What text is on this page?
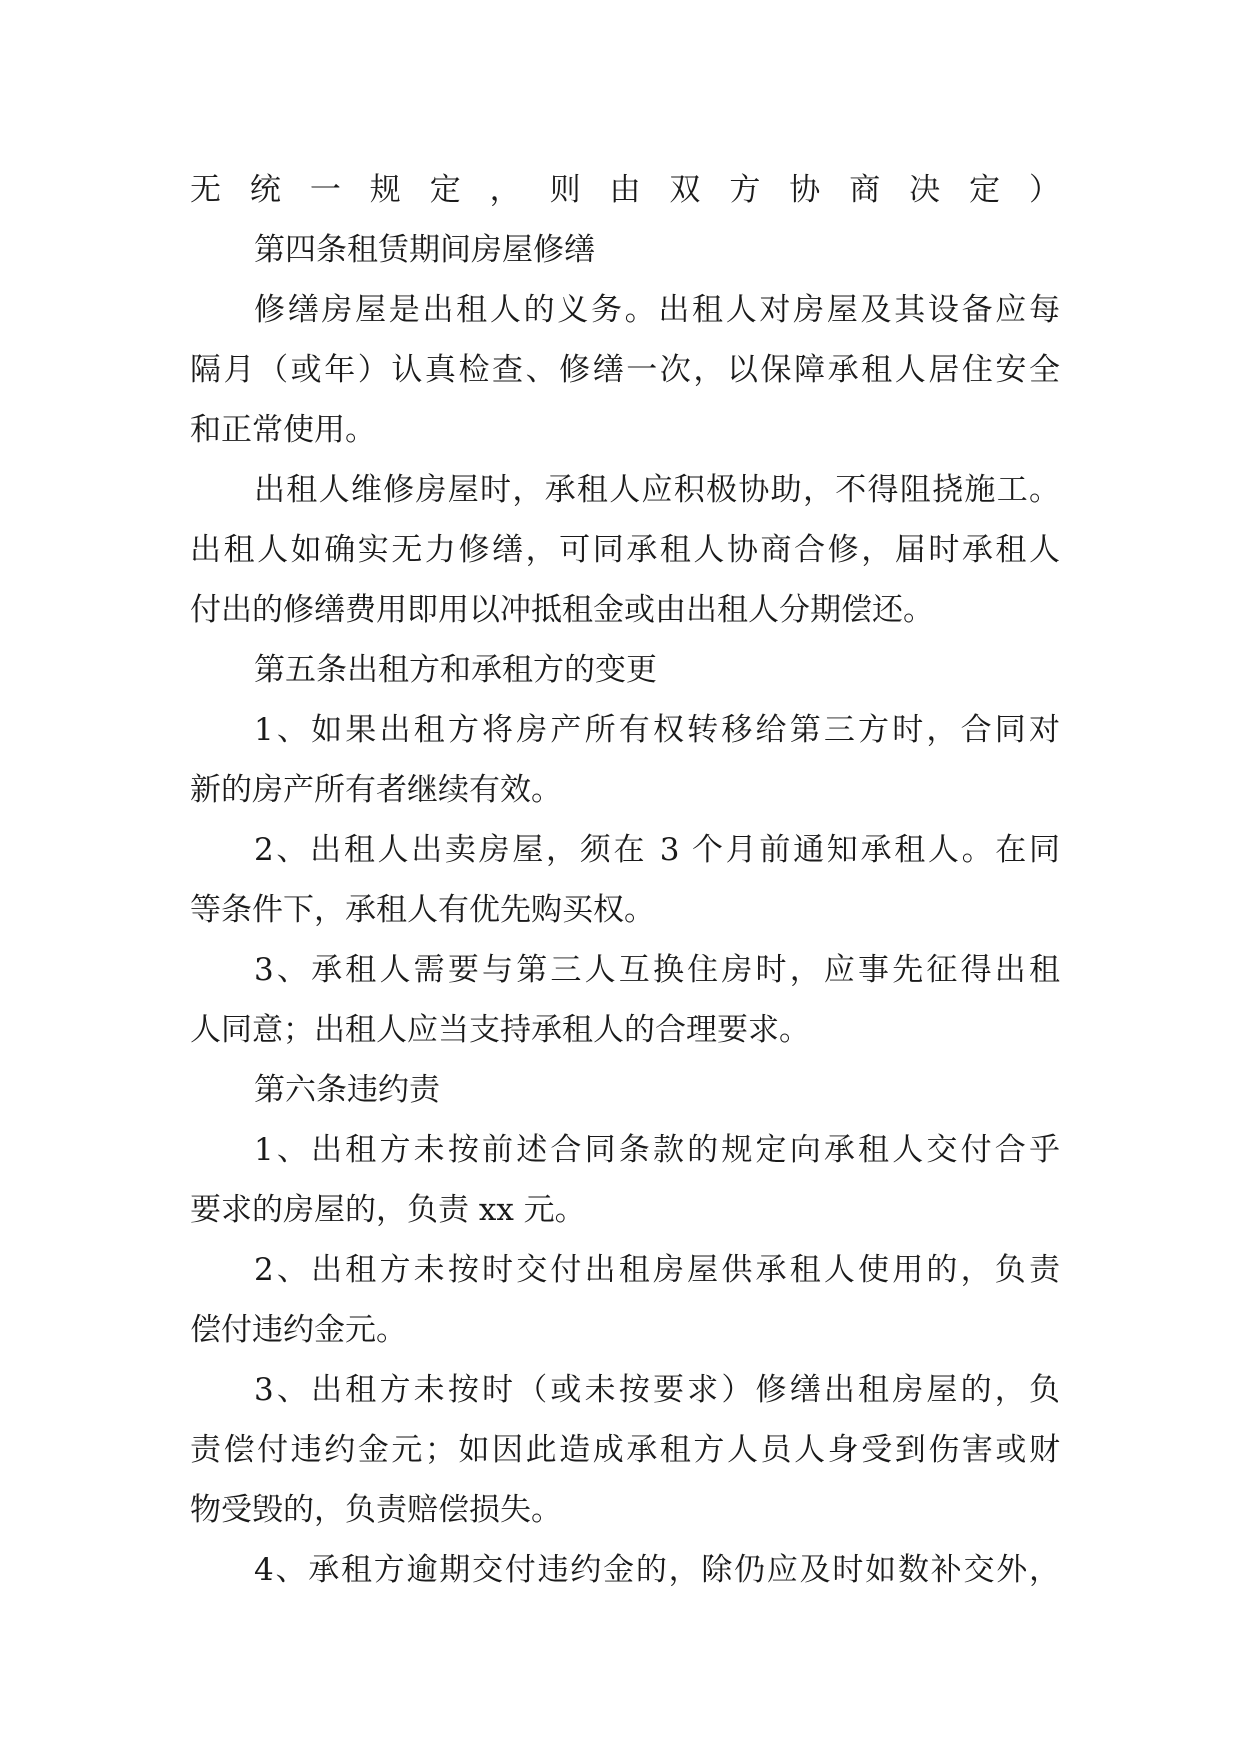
无统一规定，则由双方协商决定）
第四条租赁期间房屋修缮
修缮房屋是出租人的义务。出租人对房屋及其设备应每
隔月（或年）认真检查、修缮一次，以保障承租人居住安全
和正常使用。
出租人维修房屋时，承租人应积极协助，不得阻挠施工。
出租人如确实无力修缮，可同承租人协商合修，届时承租人
付出的修缮费用即用以冲抵租金或由出租人分期偿还。
第五条出租方和承租方的变更
1、如果出租方将房产所有权转移给第三方时，合同对
新的房产所有者继续有效。
2、出租人出卖房屋，须在 3 个月前通知承租人。在同
等条件下，承租人有优先购买权。
3、承租人需要与第三人互换住房时，应事先征得出租
人同意；出租人应当支持承租人的合理要求。
第六条违约责
1、出租方未按前述合同条款的规定向承租人交付合乎
要求的房屋的，负责 xx 元。
2、出租方未按时交付出租房屋供承租人使用的，负责
偿付违约金元。
3、出租方未按时（或未按要求）修缮出租房屋的，负
责偿付违约金元；如因此造成承租方人员人身受到伤害或财
物受毁的，负责赔偿损失。
4、承租方逾期交付违约金的，除仍应及时如数补交外，
